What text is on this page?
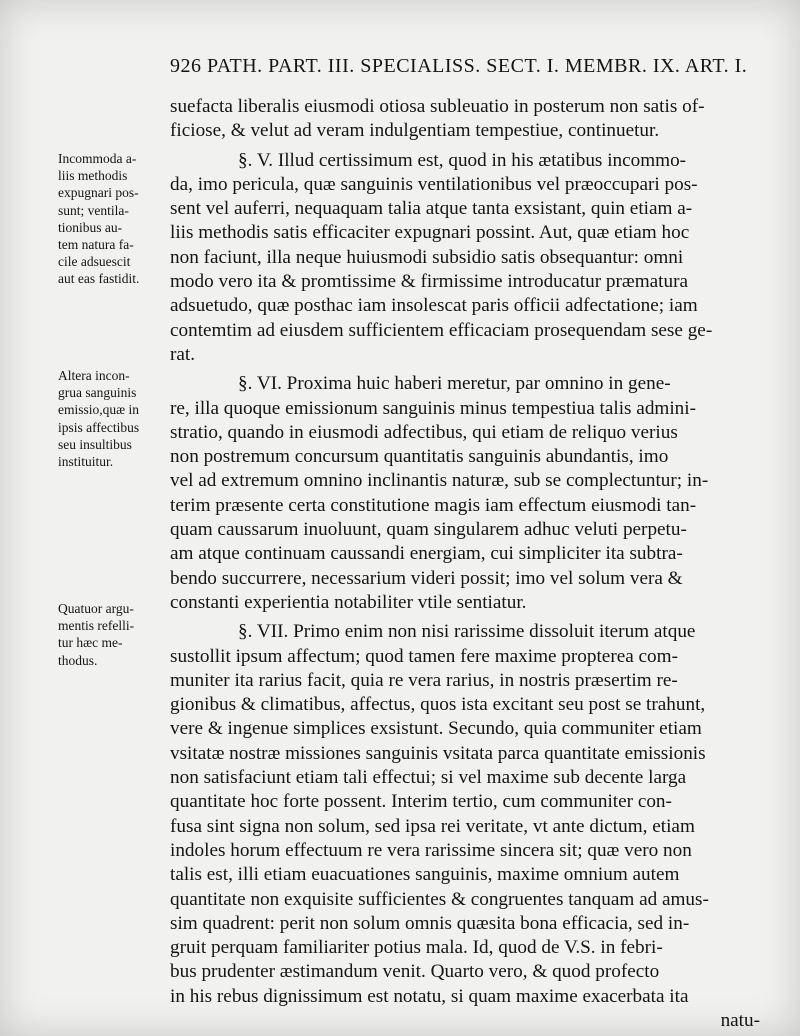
926 PATH. PART. III. SPECIALISS. SECT. I. MEMBR. IX. ART. I.
Incommoda a-
liis methodis
expugnari pos-
sunt; ventila-
tionibus au-
tem natura fa-
cile adsuescit
aut eas fastidit.
Altera incon-
grua sanguinis
emissio,quæ in
ipsis affectibus
seu insultibus
instituitur.
Quatuor argu-
mentis refelli-
tur hæc me-
thodus.
suefacta liberalis eiusmodi otiosa subleuatio in posterum non satis of-
ficiose, & velut ad veram indulgentiam tempestiue, continuetur.
§. V. Illud certissimum est, quod in his ætatibus incommo-
da, imo pericula, quæ sanguinis ventilationibus vel præoccupari pos-
sent vel auferri, nequaquam talia atque tanta exsistant, quin etiam a-
liis methodis satis efficaciter expugnari possint. Aut, quæ etiam hoc
non faciunt, illa neque huiusmodi subsidio satis obsequantur: omni
modo vero ita & promtissime & firmissime introducatur præmatura
adsuetudo, quæ posthac iam insolescat paris officii adfectatione; iam
contemtim ad eiusdem sufficientem efficaciam prosequendam sese ge-
rat.
§. VI. Proxima huic haberi meretur, par omnino in gene-
re, illa quoque emissionum sanguinis minus tempestiua talis admini-
stratio, quando in eiusmodi adfectibus, qui etiam de reliquo verius
non postremum concursum quantitatis sanguinis abundantis, imo
vel ad extremum omnino inclinantis naturæ, sub se complectuntur; in-
terim præsente certa constitutione magis iam effectum eiusmodi tan-
quam caussarum inuoluunt, quam singularem adhuc veluti perpetu-
am atque continuam caussandi energiam, cui simpliciter ita subtra-
bendo succurrere, necessarium videri possit; imo vel solum vera &
constanti experientia notabiliter vtile sentiatur.
§. VII. Primo enim non nisi rarissime dissoluit iterum atque
sustollit ipsum affectum; quod tamen fere maxime propterea com-
muniter ita rarius facit, quia re vera rarius, in nostris præsertim re-
gionibus & climatibus, affectus, quos ista excitant seu post se trahunt,
vere & ingenue simplices exsistunt. Secundo, quia communiter etiam
vsitatæ nostræ missiones sanguinis vsitata parca quantitate emissionis
non satisfaciunt etiam tali effectui; si vel maxime sub decente larga
quantitate hoc forte possent. Interim tertio, cum communiter con-
fusa sint signa non solum, sed ipsa rei veritate, vt ante dictum, etiam
indoles horum effectuum re vera rarissime sincera sit; quæ vero non
talis est, illi etiam euacuationes sanguinis, maxime omnium autem
quantitate non exquisite sufficientes & congruentes tanquam ad amus-
sim quadrent: perit non solum omnis quæsita bona efficacia, sed in-
gruit perquam familiariter potius mala. Id, quod de V.S. in febri-
bus prudenter æstimandum venit. Quarto vero, & quod profecto
in his rebus dignissimum est notatu, si quam maxime exacerbata ita
natu-
